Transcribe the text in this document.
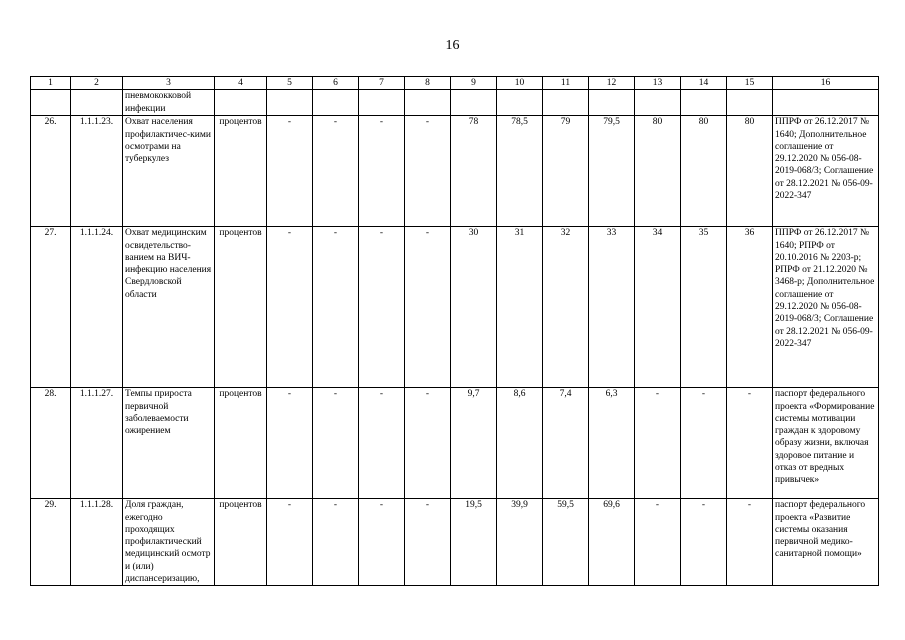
16
1	2	3	4	5	6	7	8	9	10	11	12	13	14	15	16
		пневмококковой инфекции													
26.	1.1.1.23.	Охват населения профилактичес-кими осмотрами на туберкулез	процентов	-	-	-	-	78	78,5	79	79,5	80	80	80	ППРФ от 26.12.2017 № 1640; Дополнительное соглашение от 29.12.2020 № 056-08-2019-068/3; Соглашение от 28.12.2021 № 056-09-2022-347
27.	1.1.1.24.	Охват медицинским освидетельство-ванием на ВИЧ-инфекцию населения Свердловской области	процентов	-	-	-	-	30	31	32	33	34	35	36	ППРФ от 26.12.2017 № 1640; РПРФ от 20.10.2016 № 2203-р; РПРФ от 21.12.2020 № 3468-р; Дополнительное соглашение от 29.12.2020 № 056-08-2019-068/3; Соглашение от 28.12.2021 № 056-09-2022-347
28.	1.1.1.27.	Темпы прироста первичной заболеваемости ожирением	процентов	-	-	-	-	9,7	8,6	7,4	6,3	-	-	-	паспорт федерального проекта «Формирование системы мотивации граждан к здоровому образу жизни, включая здоровое питание и отказ от вредных привычек»
29.	1.1.1.28.	Доля граждан, ежегодно проходящих профилактический медицинский осмотр и (или) диспансеризацию,	процентов	-	-	-	-	19,5	39,9	59,5	69,6	-	-	-	паспорт федерального проекта «Развитие системы оказания первичной медико-санитарной помощи»
